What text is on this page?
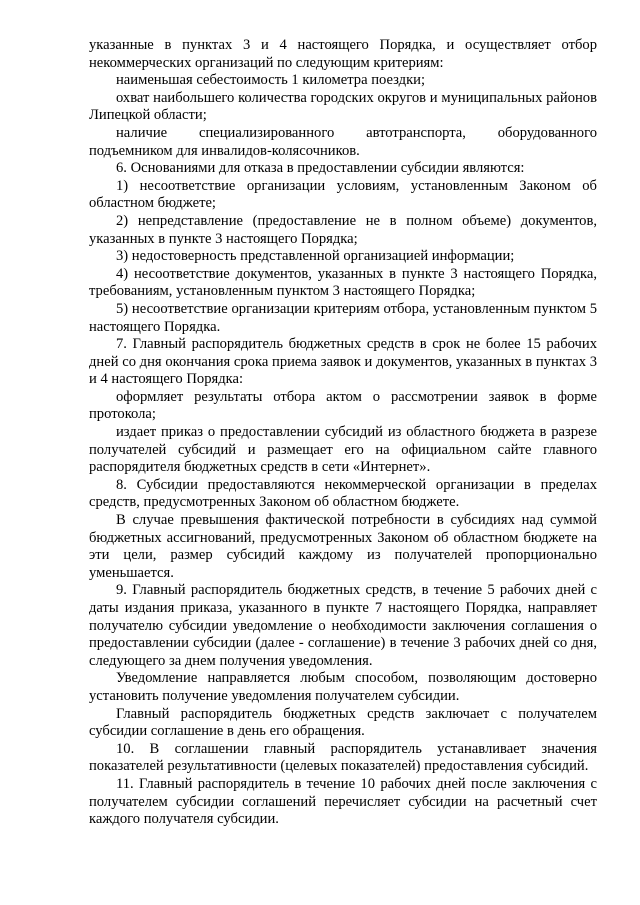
указанные в пунктах 3 и 4 настоящего Порядка, и осуществляет отбор некоммерческих организаций по следующим критериям:

наименьшая себестоимость 1 километра поездки;

охват наибольшего количества городских округов и муниципальных районов Липецкой области;

наличие специализированного автотранспорта, оборудованного подъемником для инвалидов-колясочников.

6. Основаниями для отказа в предоставлении субсидии являются:

1) несоответствие организации условиям, установленным Законом об областном бюджете;

2) непредставление (предоставление не в полном объеме) документов, указанных в пункте 3 настоящего Порядка;

3) недостоверность представленной организацией информации;

4) несоответствие документов, указанных в пункте 3 настоящего Порядка, требованиям, установленным пунктом 3 настоящего Порядка;

5) несоответствие организации критериям отбора, установленным пунктом 5 настоящего Порядка.

7. Главный распорядитель бюджетных средств в срок не более 15 рабочих дней со дня окончания срока приема заявок и документов, указанных в пунктах 3 и 4 настоящего Порядка:

оформляет результаты отбора актом о рассмотрении заявок в форме протокола;

издает приказ о предоставлении субсидий из областного бюджета в разрезе получателей субсидий и размещает его на официальном сайте главного распорядителя бюджетных средств в сети «Интернет».

8. Субсидии предоставляются некоммерческой организации в пределах средств, предусмотренных Законом об областном бюджете.

В случае превышения фактической потребности в субсидиях над суммой бюджетных ассигнований, предусмотренных Законом об областном бюджете на эти цели, размер субсидий каждому из получателей пропорционально уменьшается.

9. Главный распорядитель бюджетных средств, в течение 5 рабочих дней с даты издания приказа, указанного в пункте 7 настоящего Порядка, направляет получателю субсидии уведомление о необходимости заключения соглашения о предоставлении субсидии (далее - соглашение) в течение 3 рабочих дней со дня, следующего за днем получения уведомления.

Уведомление направляется любым способом, позволяющим достоверно установить получение уведомления получателем субсидии.

Главный распорядитель бюджетных средств заключает с получателем субсидии соглашение в день его обращения.

10. В соглашении главный распорядитель устанавливает значения показателей результативности (целевых показателей) предоставления субсидий.

11. Главный распорядитель в течение 10 рабочих дней после заключения с получателем субсидии соглашений перечисляет субсидии на расчетный счет каждого получателя субсидии.
